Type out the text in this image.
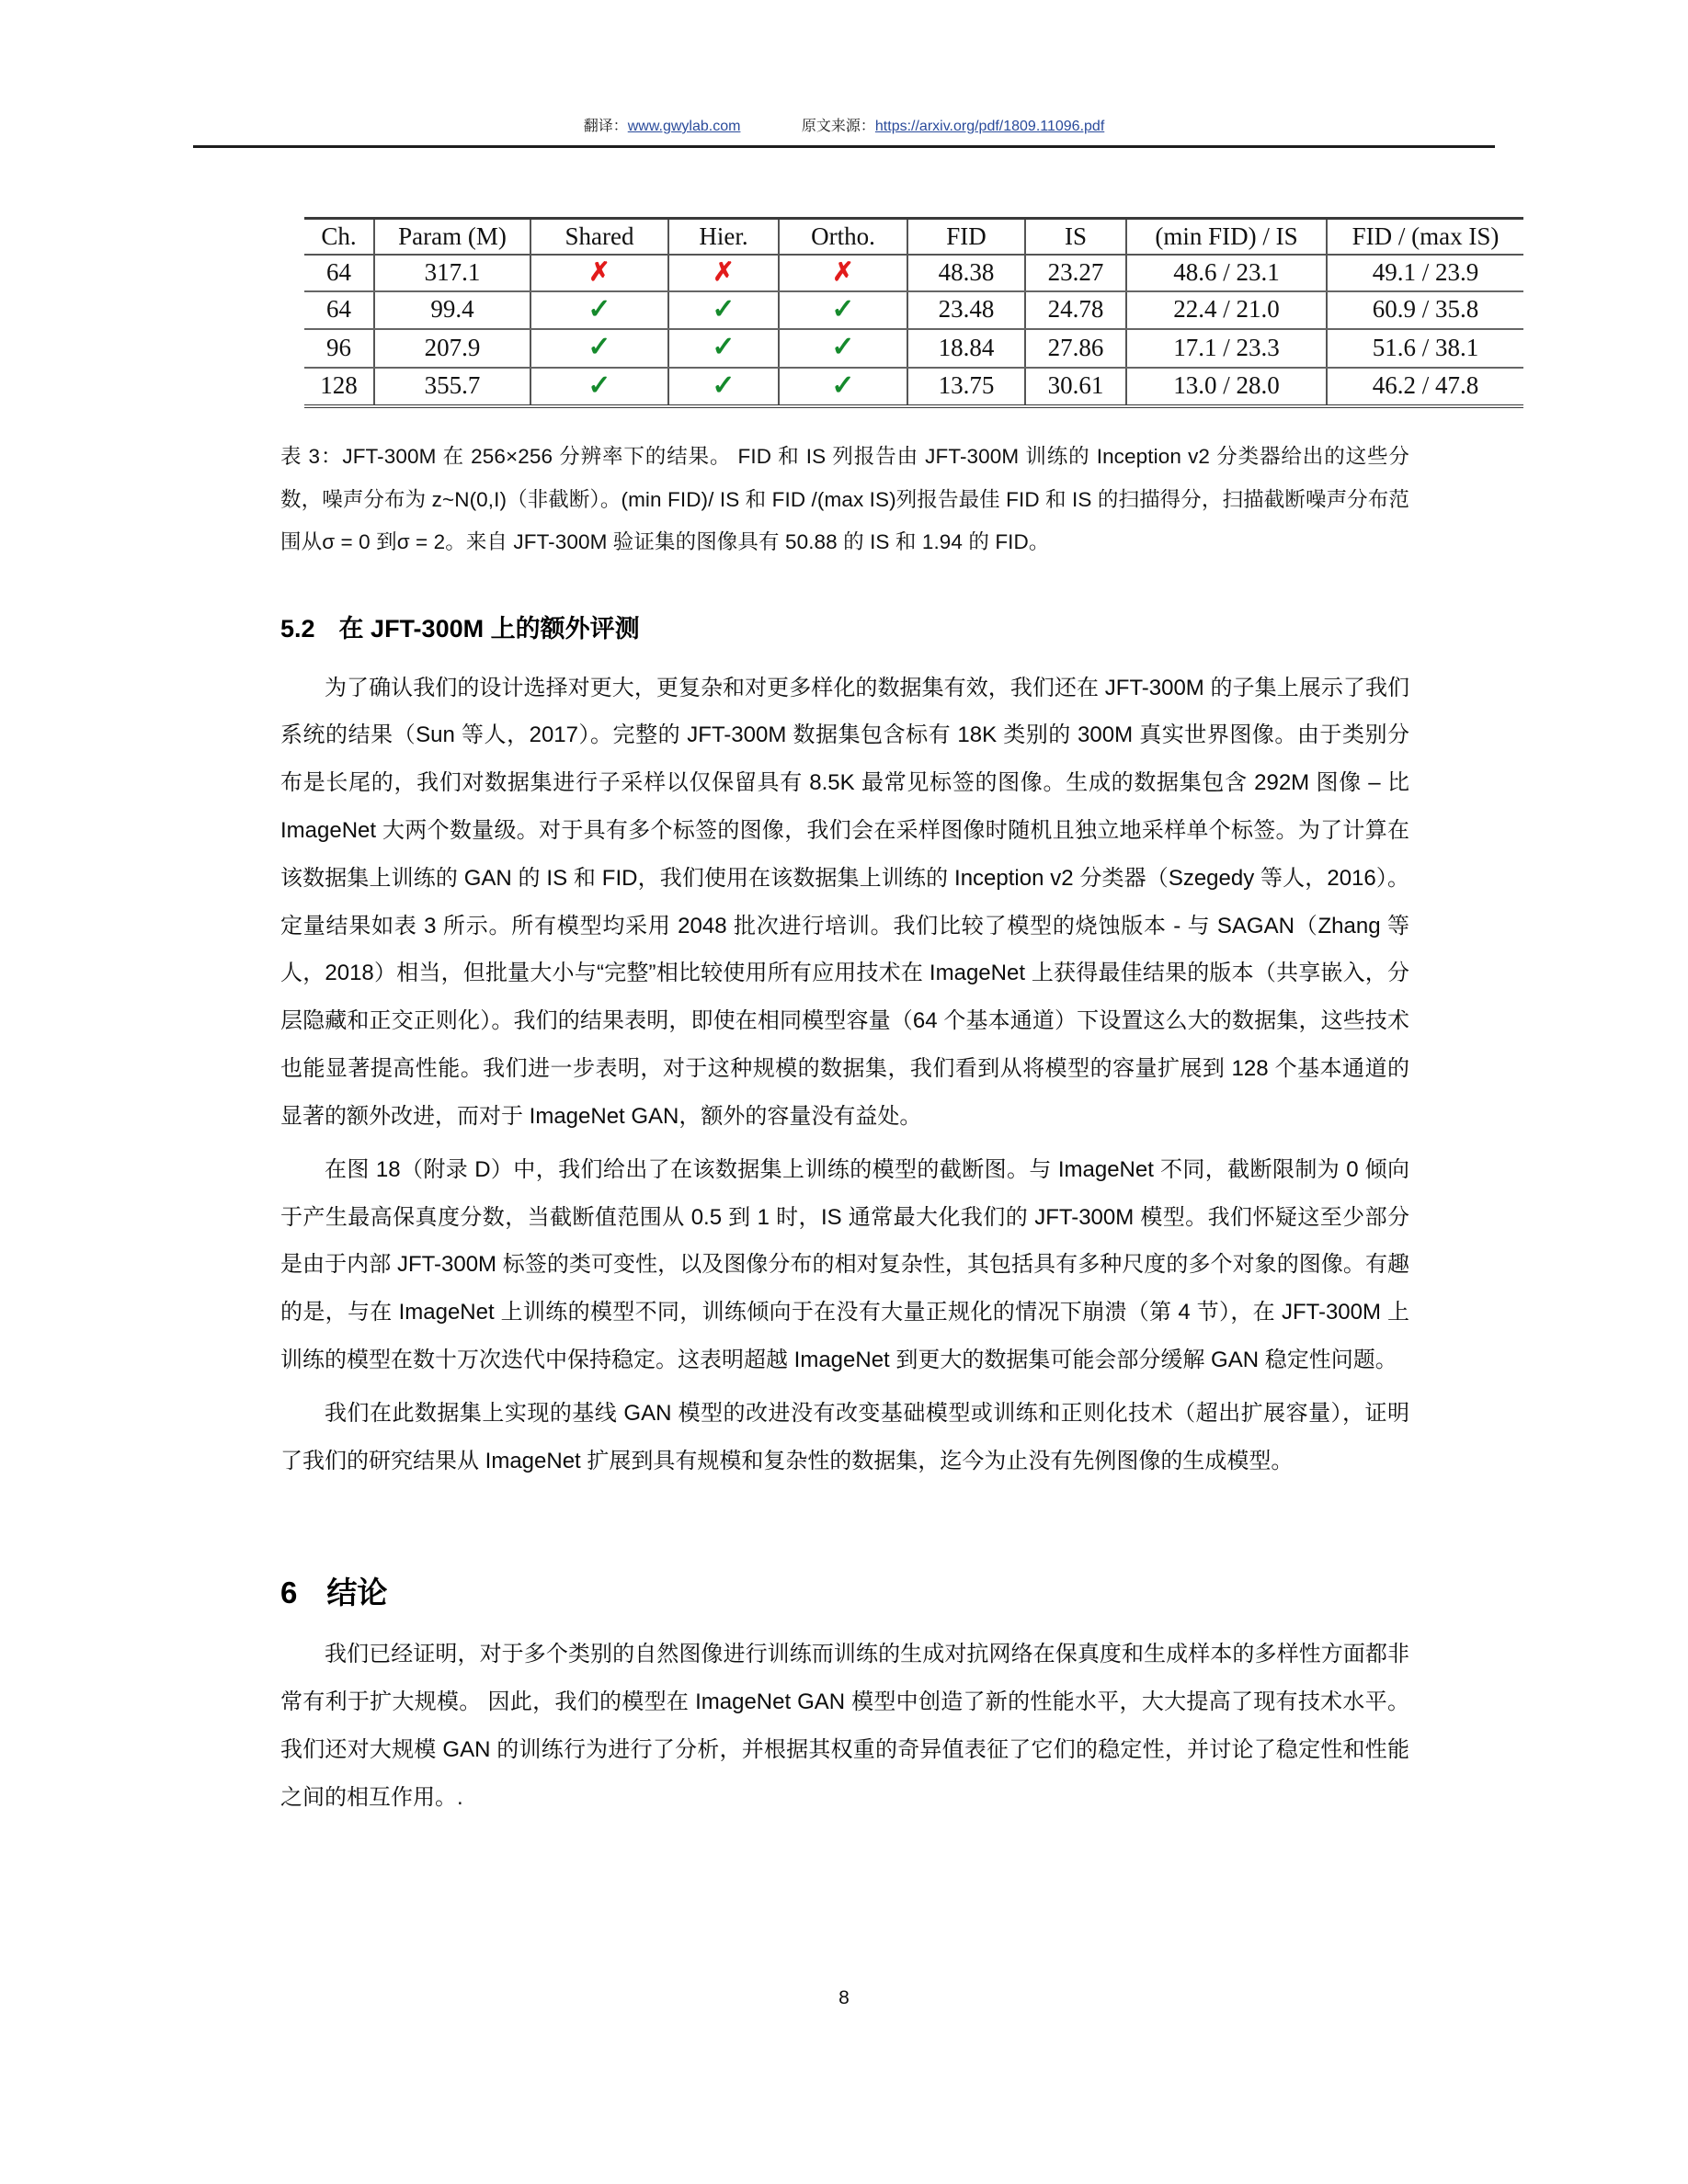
翻译：www.gwylab.com	原文来源：https://arxiv.org/pdf/1809.11096.pdf
Ch.	Param (M)	Shared	Hier.	Ortho.	FID	IS	(min FID) / IS	FID / (max IS)
64	317.1	✗	✗	✗	48.38	23.27	48.6 / 23.1	49.1 / 23.9
64	99.4	✓	✓	✓	23.48	24.78	22.4 / 21.0	60.9 / 35.8
96	207.9	✓	✓	✓	18.84	27.86	17.1 / 23.3	51.6 / 38.1
128	355.7	✓	✓	✓	13.75	30.61	13.0 / 28.0	46.2 / 47.8
表 3：JFT-300M 在 256×256 分辨率下的结果。 FID 和 IS 列报告由 JFT-300M 训练的 Inception v2 分类器给出的这些分数，噪声分布为 z~N(0,I)（非截断）。(min FID)/ IS 和 FID /(max IS)列报告最佳 FID 和 IS 的扫描得分，扫描截断噪声分布范围从σ = 0 到σ = 2。来自 JFT-300M 验证集的图像具有 50.88 的 IS 和 1.94 的 FID。
5.2 在 JFT-300M 上的额外评测

为了确认我们的设计选择对更大，更复杂和对更多样化的数据集有效，我们还在 JFT-300M 的子集上展示了我们系统的结果（Sun 等人，2017）。完整的 JFT-300M 数据集包含标有 18K 类别的 300M 真实世界图像。由于类别分布是长尾的，我们对数据集进行子采样以仅保留具有 8.5K 最常见标签的图像。生成的数据集包含 292M 图像 – 比 ImageNet 大两个数量级。对于具有多个标签的图像，我们会在采样图像时随机且独立地采样单个标签。为了计算在该数据集上训练的 GAN 的 IS 和 FID，我们使用在该数据集上训练的 Inception v2 分类器（Szegedy 等人，2016）。定量结果如表 3 所示。所有模型均采用 2048 批次进行培训。我们比较了模型的烧蚀版本 - 与 SAGAN（Zhang 等人，2018）相当，但批量大小与“完整”相比较使用所有应用技术在 ImageNet 上获得最佳结果的版本（共享嵌入，分层隐藏和正交正则化）。我们的结果表明，即使在相同模型容量（64 个基本通道）下设置这么大的数据集，这些技术也能显著提高性能。我们进一步表明，对于这种规模的数据集，我们看到从将模型的容量扩展到 128 个基本通道的显著的额外改进，而对于 ImageNet GAN，额外的容量没有益处。

在图 18（附录 D）中，我们给出了在该数据集上训练的模型的截断图。与 ImageNet 不同，截断限制为 0 倾向于产生最高保真度分数，当截断值范围从 0.5 到 1 时，IS 通常最大化我们的 JFT-300M 模型。我们怀疑这至少部分是由于内部 JFT-300M 标签的类可变性，以及图像分布的相对复杂性，其包括具有多种尺度的多个对象的图像。有趣的是，与在 ImageNet 上训练的模型不同，训练倾向于在没有大量正规化的情况下崩溃（第 4 节），在 JFT-300M 上训练的模型在数十万次迭代中保持稳定。这表明超越 ImageNet 到更大的数据集可能会部分缓解 GAN 稳定性问题。

我们在此数据集上实现的基线 GAN 模型的改进没有改变基础模型或训练和正则化技术（超出扩展容量），证明了我们的研究结果从 ImageNet 扩展到具有规模和复杂性的数据集，迄今为止没有先例图像的生成模型。

6 结论

我们已经证明，对于多个类别的自然图像进行训练而训练的生成对抗网络在保真度和生成样本的多样性方面都非常有利于扩大规模。 因此，我们的模型在 ImageNet GAN 模型中创造了新的性能水平，大大提高了现有技术水平。 我们还对大规模 GAN 的训练行为进行了分析，并根据其权重的奇异值表征了它们的稳定性，并讨论了稳定性和性能之间的相互作用。.

8
